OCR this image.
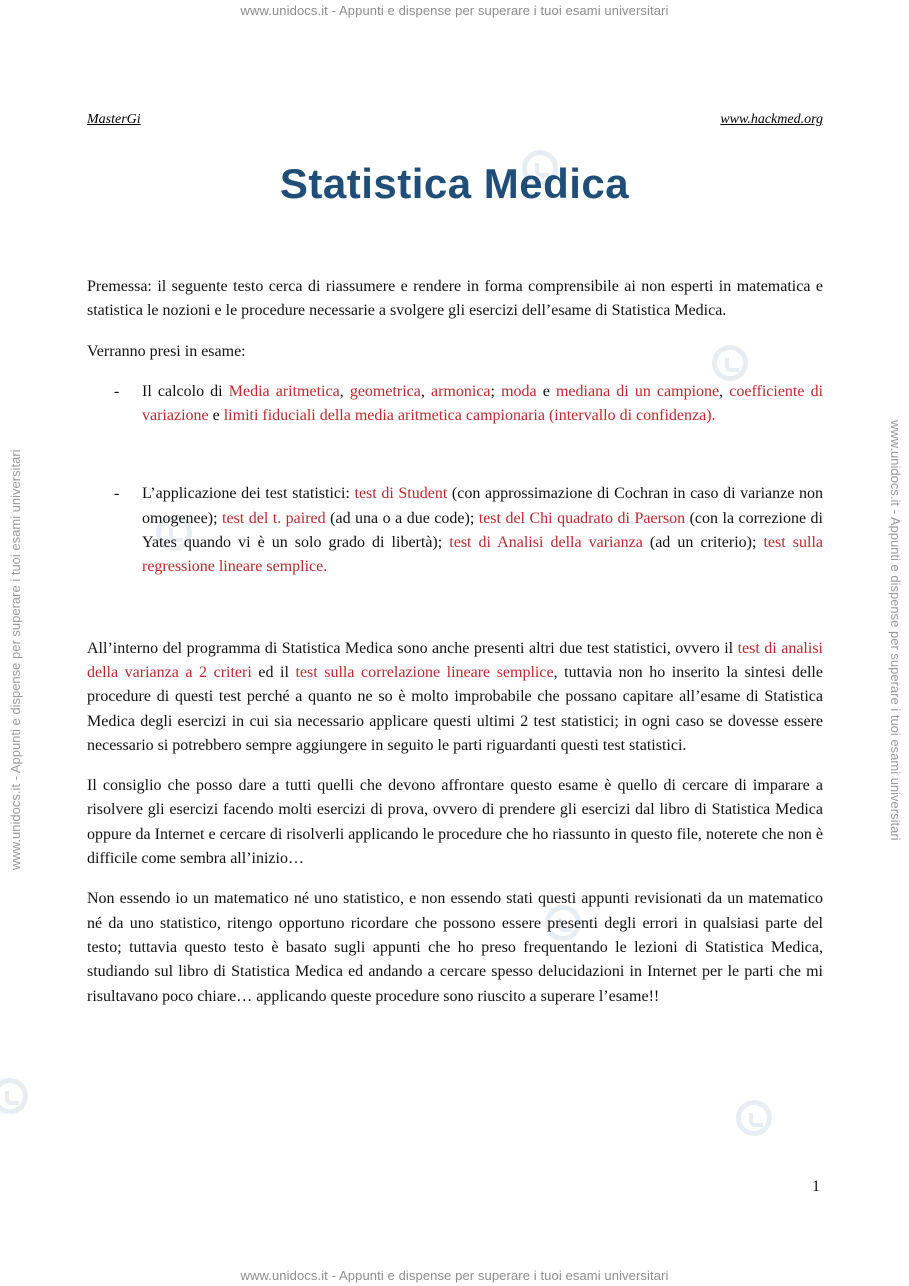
www.unidocs.it - Appunti e dispense per superare i tuoi esami universitari
www.unidocs.it - Appunti e dispense per superare i tuoi esami universitari
www.unidocs.it - Appunti e dispense per superare i tuoi esami universitari	www.unidocs.it - Appunti e dispense per superare i tuoi esami universitari
MasterGi	www.hackmed.org
Statistica Medica

Premessa: il seguente testo cerca di riassumere e rendere in forma comprensibile ai non esperti in matematica e statistica le nozioni e le procedure necessarie a svolgere gli esercizi dell’esame di Statistica Medica.

Verranno presi in esame:

- Il calcolo di Media aritmetica, geometrica, armonica; moda e mediana di un campione, coefficiente di variazione e limiti fiduciali della media aritmetica campionaria (intervallo di confidenza).

- L’applicazione dei test statistici: test di Student (con approssimazione di Cochran in caso di varianze non omogenee); test del t. paired (ad una o a due code); test del Chi quadrato di Paerson (con la correzione di Yates quando vi è un solo grado di libertà); test di Analisi della varianza (ad un criterio); test sulla regressione lineare semplice.

All’interno del programma di Statistica Medica sono anche presenti altri due test statistici, ovvero il test di analisi della varianza a 2 criteri ed il test sulla correlazione lineare semplice, tuttavia non ho inserito la sintesi delle procedure di questi test perché a quanto ne so è molto improbabile che possano capitare all’esame di Statistica Medica degli esercizi in cui sia necessario applicare questi ultimi 2 test statistici; in ogni caso se dovesse essere necessario si potrebbero sempre aggiungere in seguito le parti riguardanti questi test statistici.

Il consiglio che posso dare a tutti quelli che devono affrontare questo esame è quello di cercare di imparare a risolvere gli esercizi facendo molti esercizi di prova, ovvero di prendere gli esercizi dal libro di Statistica Medica oppure da Internet e cercare di risolverli applicando le procedure che ho riassunto in questo file, noterete che non è difficile come sembra all’inizio…

Non essendo io un matematico né uno statistico, e non essendo stati questi appunti revisionati da un matematico né da uno statistico, ritengo opportuno ricordare che possono essere presenti degli errori in qualsiasi parte del testo; tuttavia questo testo è basato sugli appunti che ho preso frequentando le lezioni di Statistica Medica, studiando sul libro di Statistica Medica ed andando a cercare spesso delucidazioni in Internet per le parti che mi risultavano poco chiare… applicando queste procedure sono riuscito a superare l’esame!!

1
